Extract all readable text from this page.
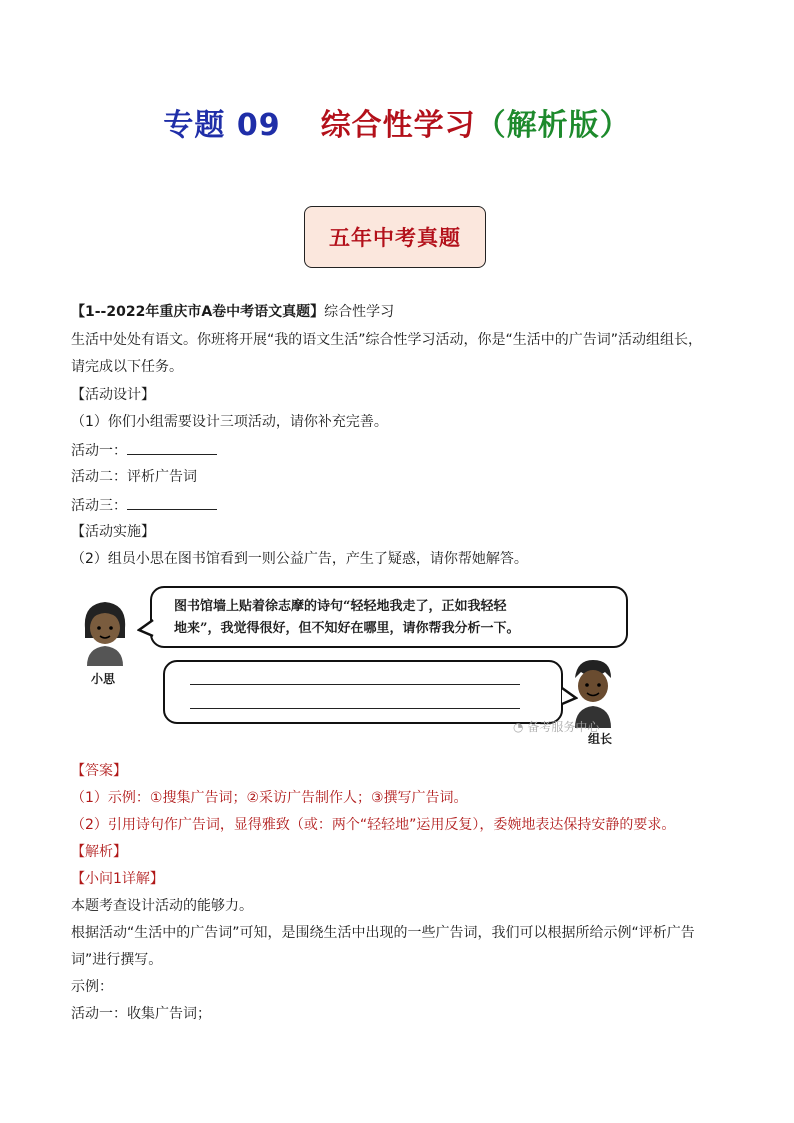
专题 09 综合性学习（解析版）
五年中考真题
【1--2022年重庆市A卷中考语文真题】综合性学习
生活中处处有语文。你班将开展“我的语文生活”综合性学习活动，你是“生活中的广告词”活动组组长，
请完成以下任务。
【活动设计】
（1）你们小组需要设计三项活动，请你补充完善。
活动一：
活动二：评析广告词
活动三：
【活动实施】
（2）组员小思在图书馆看到一则公益广告，产生了疑惑，请你帮她解答。
【答案】
（1）示例：①搜集广告词；②采访广告制作人；③撰写广告词。
（2）引用诗句作广告词，显得雅致（或：两个“轻轻地”运用反复），委婉地表达保持安静的要求。
【解析】
【小问1详解】
本题考查设计活动的能够力。
根据活动“生活中的广告词”可知，是围绕生活中出现的一些广告词，我们可以根据所给示例“评析广告
词”进行撰写。
示例：
活动一：收集广告词；
小思
图书馆墙上贴着徐志摩的诗句“轻轻地我走了，正如我轻轻
地来”，我觉得很好，但不知好在哪里，请你帮我分析一下。
组长
◔ 备考服务中心
